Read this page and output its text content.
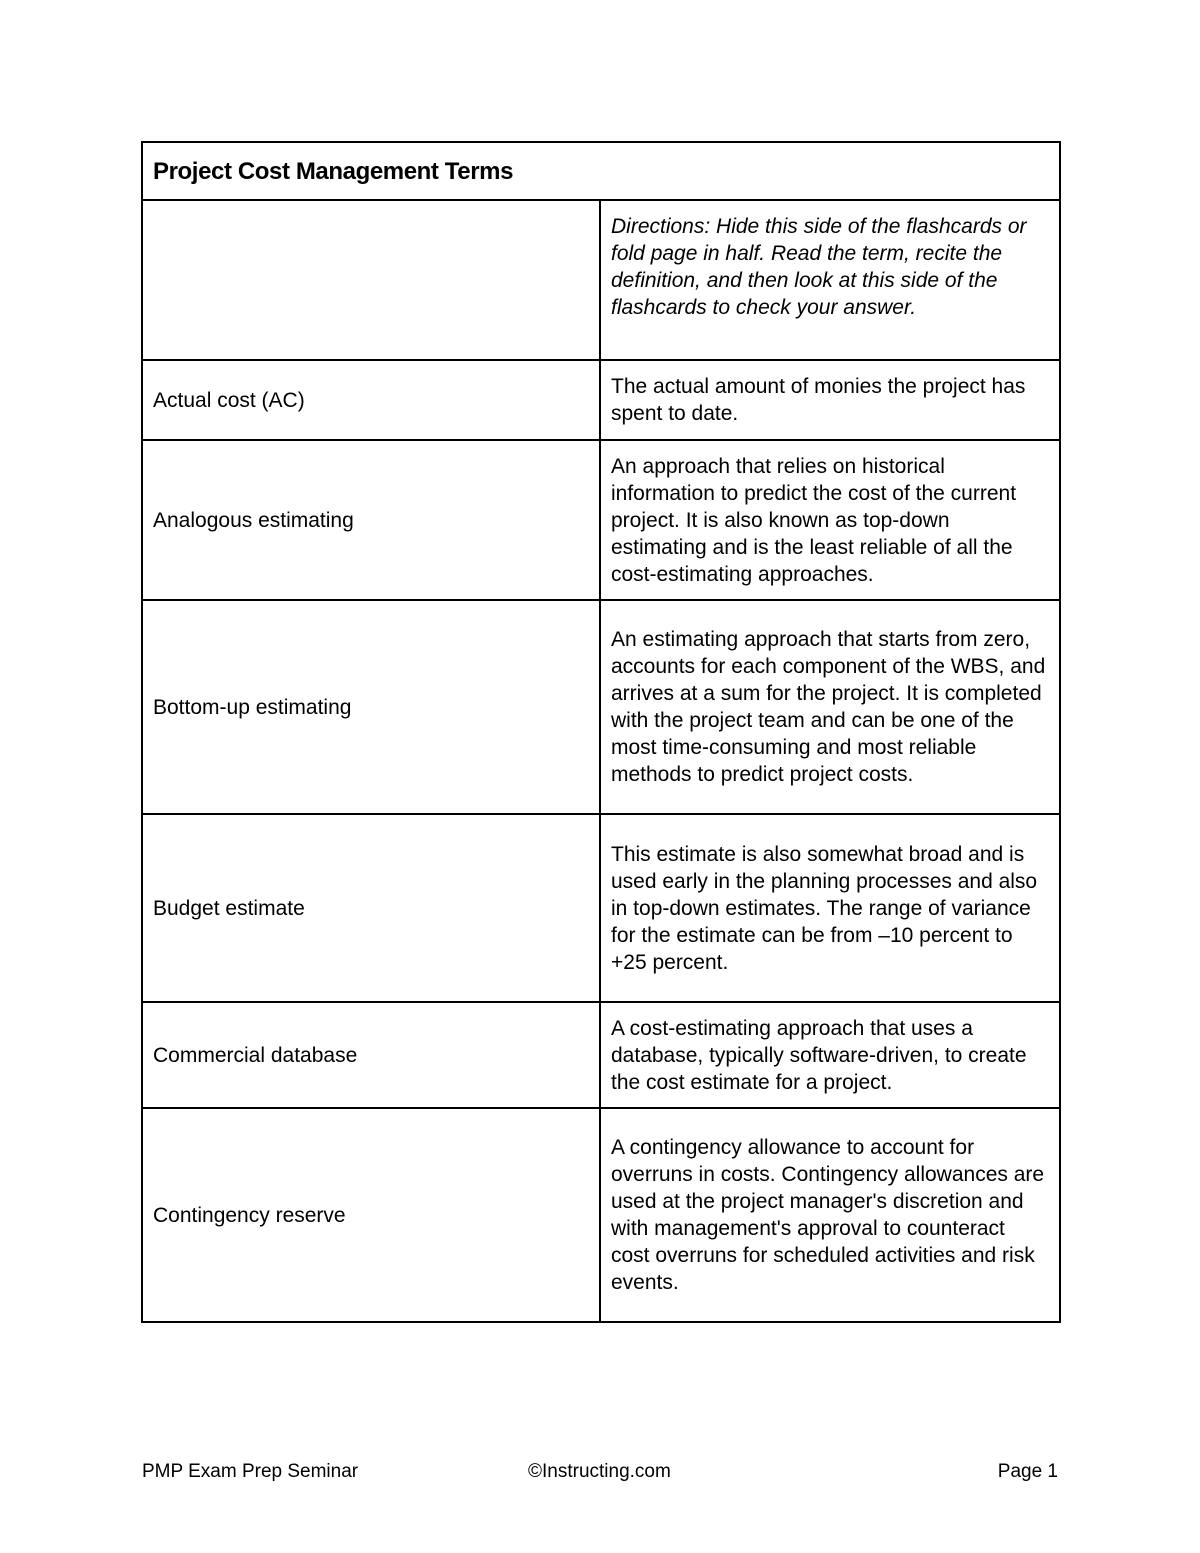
Project Cost Management Terms	
	Directions: Hide this side of the flashcards or fold page in half. Read the term, recite the definition, and then look at this side of the flashcards to check your answer.
Actual cost (AC)	The actual amount of monies the project has spent to date.
Analogous estimating	An approach that relies on historical information to predict the cost of the current project. It is also known as top-down estimating and is the least reliable of all the cost-estimating approaches.
Bottom-up estimating	An estimating approach that starts from zero, accounts for each component of the WBS, and arrives at a sum for the project. It is completed with the project team and can be one of the most time-consuming and most reliable methods to predict project costs.
Budget estimate	This estimate is also somewhat broad and is used early in the planning processes and also in top-down estimates. The range of variance for the estimate can be from –10 percent to +25 percent.
Commercial database	A cost-estimating approach that uses a database, typically software-driven, to create the cost estimate for a project.
Contingency reserve	A contingency allowance to account for overruns in costs. Contingency allowances are used at the project manager's discretion and with management's approval to counteract cost overruns for scheduled activities and risk events.
PMP Exam Prep Seminar	©Instructing.com	Page 1
